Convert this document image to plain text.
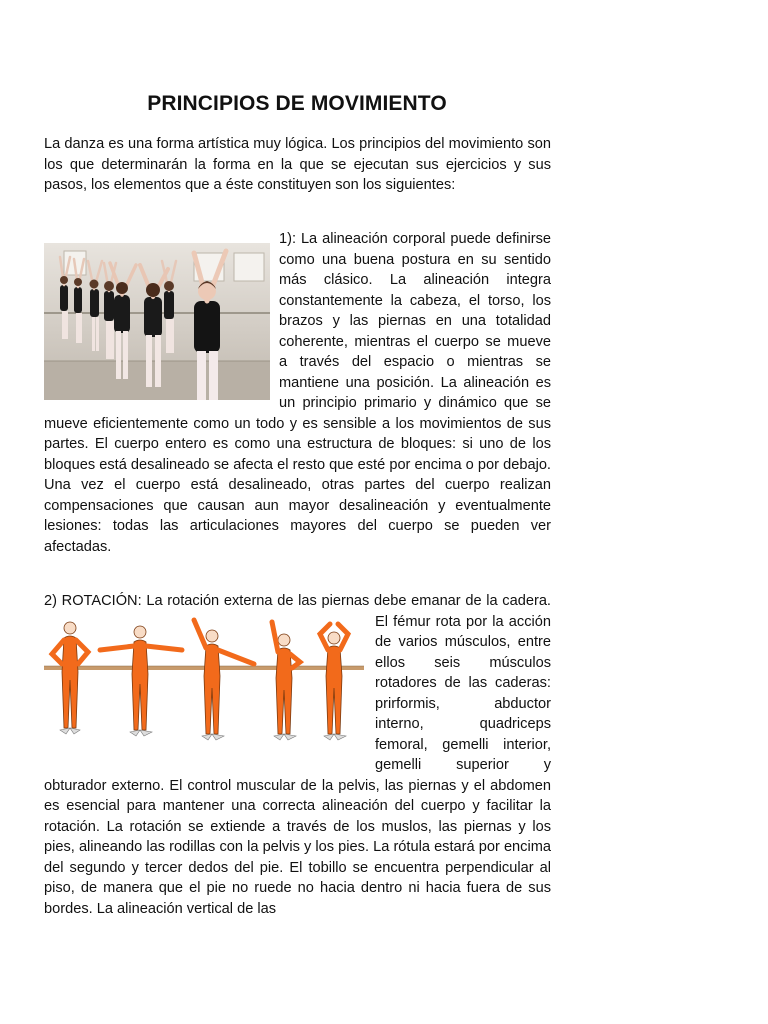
PRINCIPIOS DE MOVIMIENTO

La danza es una forma artística muy lógica. Los principios del movimiento son los que determinarán la forma en la que se ejecutan sus ejercicios y sus pasos, los elementos que a éste constituyen son los siguientes:

1): La alineación corporal puede definirse como una buena postura en su sentido más clásico. La alineación integra constantemente la cabeza, el torso, los brazos y las piernas en una totalidad coherente, mientras el cuerpo se mueve a través del espacio o mientras se mantiene una posición. La alineación es un principio primario y dinámico que se mueve eficientemente como un todo y es sensible a los movimientos de sus partes. El cuerpo entero es como una estructura de bloques: si uno de los bloques está desalineado se afecta el resto que esté por encima o por debajo. Una vez el cuerpo está desalineado, otras partes del cuerpo realizan compensaciones que causan aun mayor desalineación y eventualmente lesiones: todas las articulaciones mayores del cuerpo se pueden ver afectadas.
2) ROTACIÓN: La rotación externa de las piernas debe emanar de la cadera. El fémur rota por la acción de varios músculos, entre ellos seis músculos rotadores de las caderas: prirformis, abductor interno, quadriceps femoral, gemelli interior, gemelli superior y obturador externo. El control muscular de la pelvis, las piernas y el abdomen es esencial para mantener una correcta alineación del cuerpo y facilitar la rotación. La rotación se extiende a través de los muslos, las piernas y los pies, alineando las rodillas con la pelvis y los pies. La rótula estará por encima del segundo y tercer dedos del pie. El tobillo se encuentra perpendicular al piso, de manera que el pie no ruede no hacia dentro ni hacia fuera de sus bordes. La alineación vertical de las
